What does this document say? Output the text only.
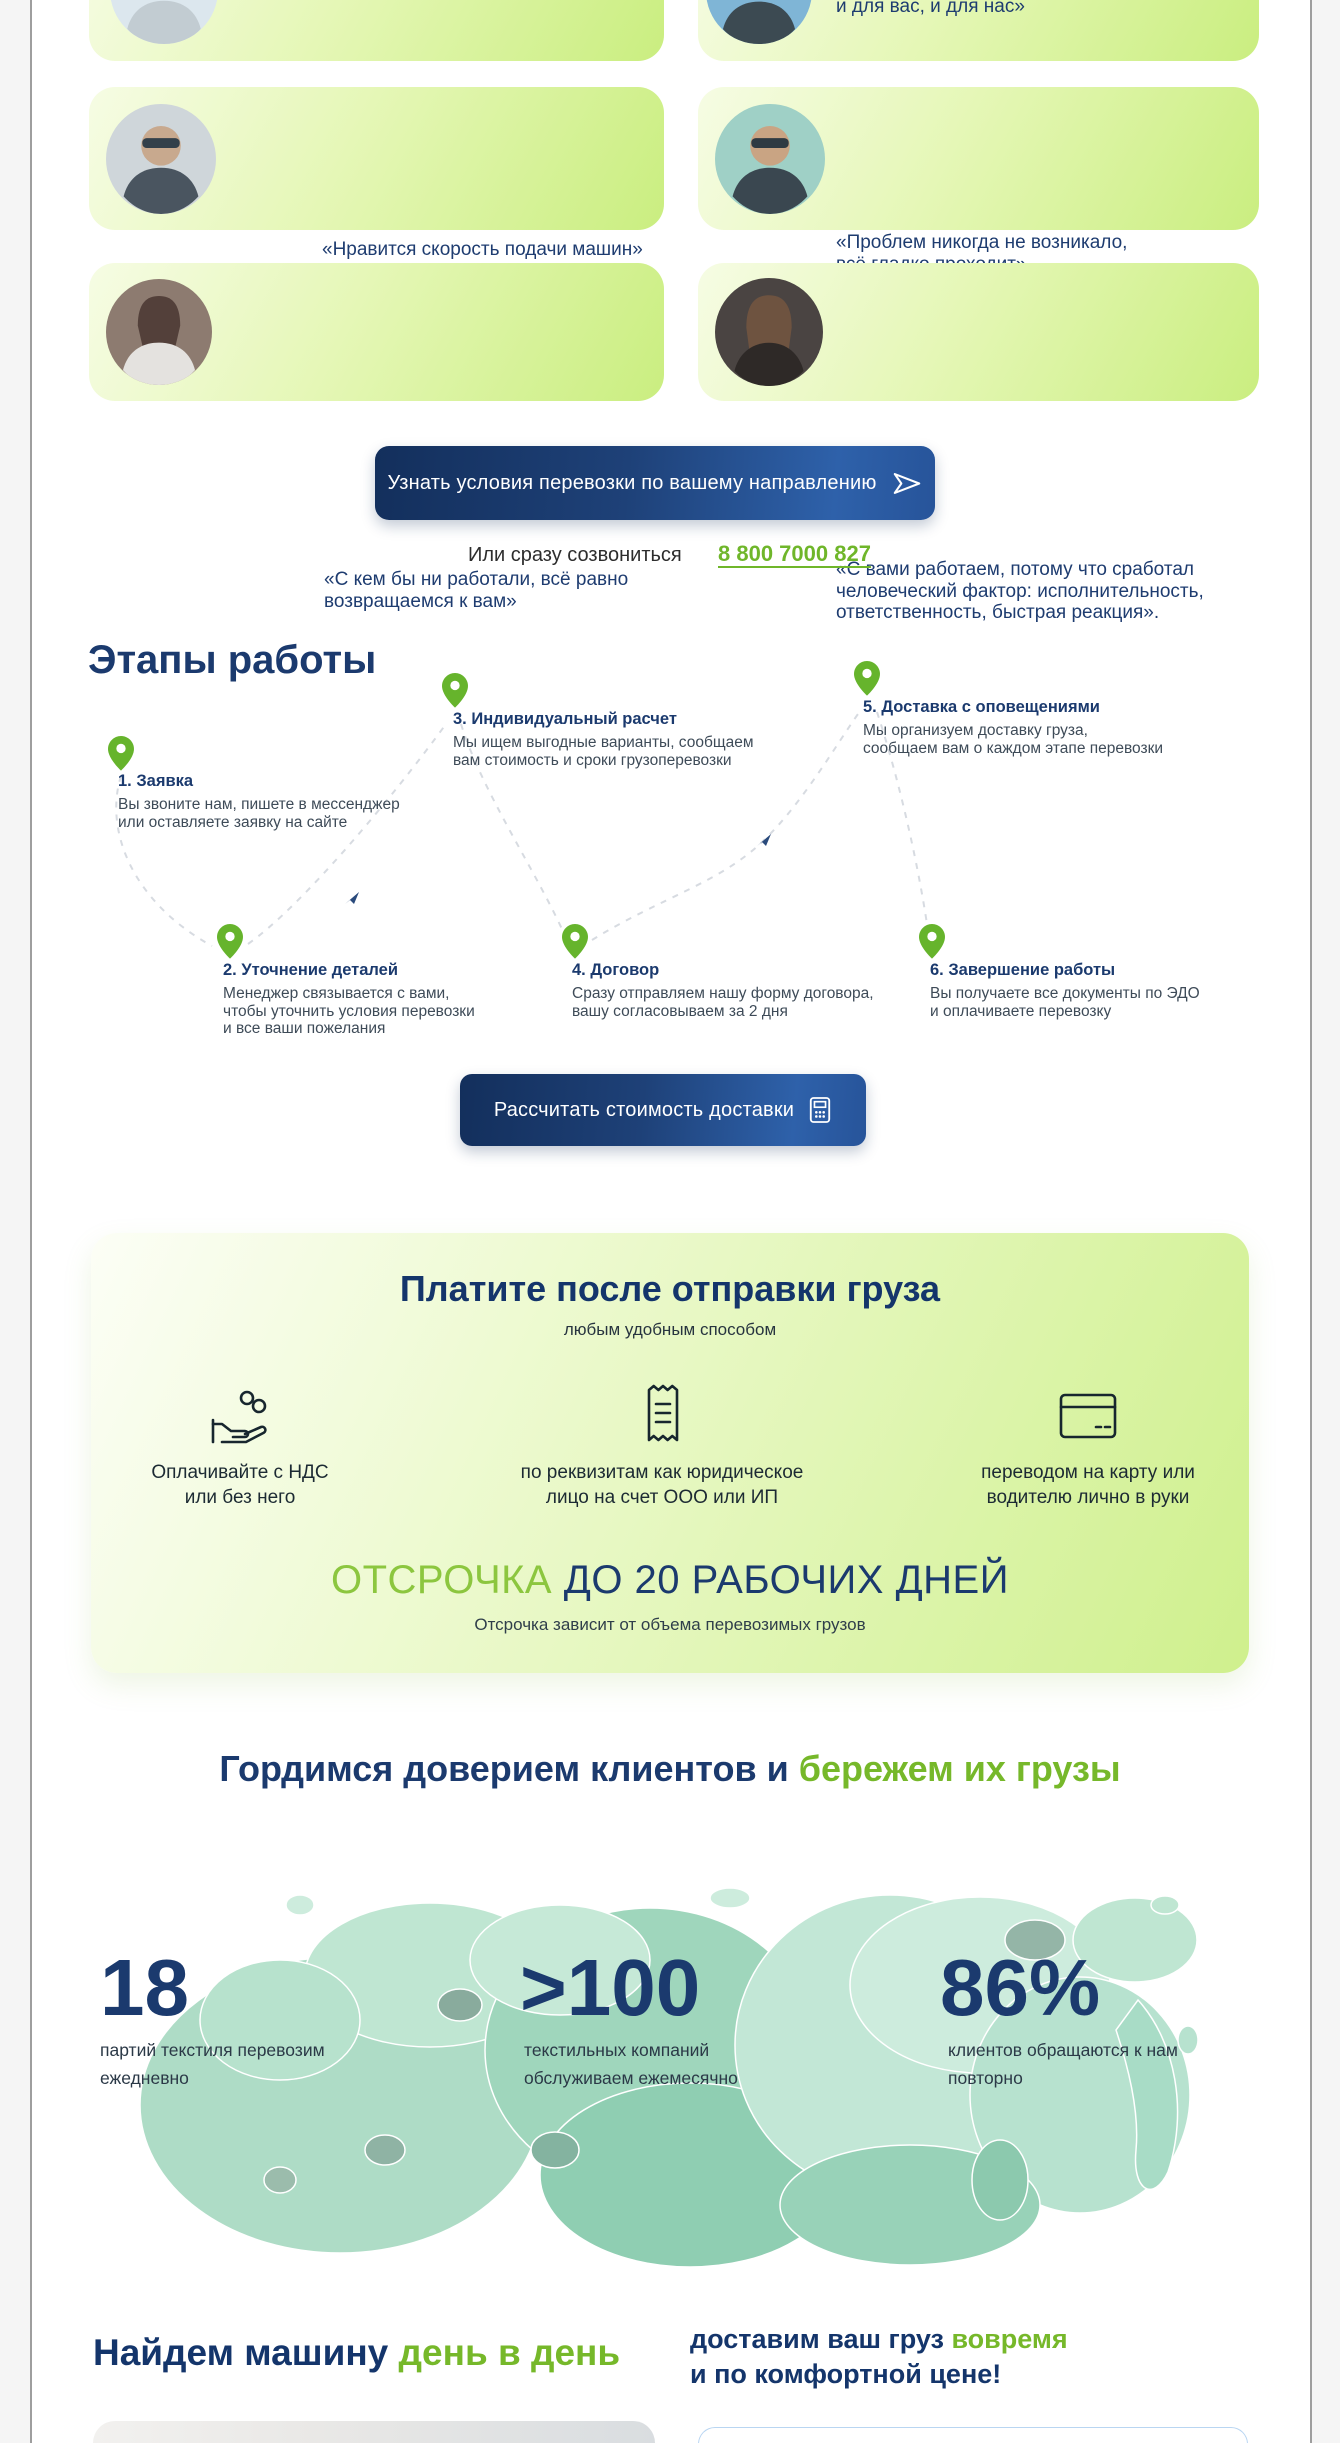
и для вас, и для нас»
«Нравится скорость подачи машин»	«Проблем никогда не возникало,
«С кем бы ни работали, всё равно
возвращаемся к вам»
«С вами работаем, потому что сработал
человеческий фактор: исполнительность,
ответственность, быстрая реакция».
Узнать условия перевозки по вашему направлению
Или сразу созвониться 8 800 7000 827
Этапы работы
1. Заявка
Вы звоните нам, пишете в мессенджер
или оставляете заявку на сайте
2. Уточнение деталей
Менеджер связывается с вами,
чтобы уточнить условия перевозки
и все ваши пожелания
3. Индивидуальный расчет
Мы ищем выгодные варианты, сообщаем
вам стоимость и сроки грузоперевозки
4. Договор
Сразу отправляем нашу форму договора,
вашу согласовываем за 2 дня
5. Доставка с оповещениями
Мы организуем доставку груза,
сообщаем вам о каждом этапе перевозки
6. Завершение работы
Вы получаете все документы по ЭДО
и оплачиваете перевозку
Рассчитать стоимость доставки
Платите после отправки груза
любым удобным способом
Оплачивайте с НДС
или без него
по реквизитам как юридическое
лицо на счет ООО или ИП
переводом на карту или
водителю лично в руки
ОТСРОЧКА ДО 20 РАБОЧИХ ДНЕЙ
Отсрочка зависит от объема перевозимых грузов
Гордимся доверием клиентов и бережем их грузы
18
партий текстиля перевозим
ежедневно
>100
текстильных компаний
обслуживаем ежемесячно
86%
клиентов обращаются к нам
повторно
Найдем машину день в день	доставим ваш груз вовремя
и по комфортной цене!
